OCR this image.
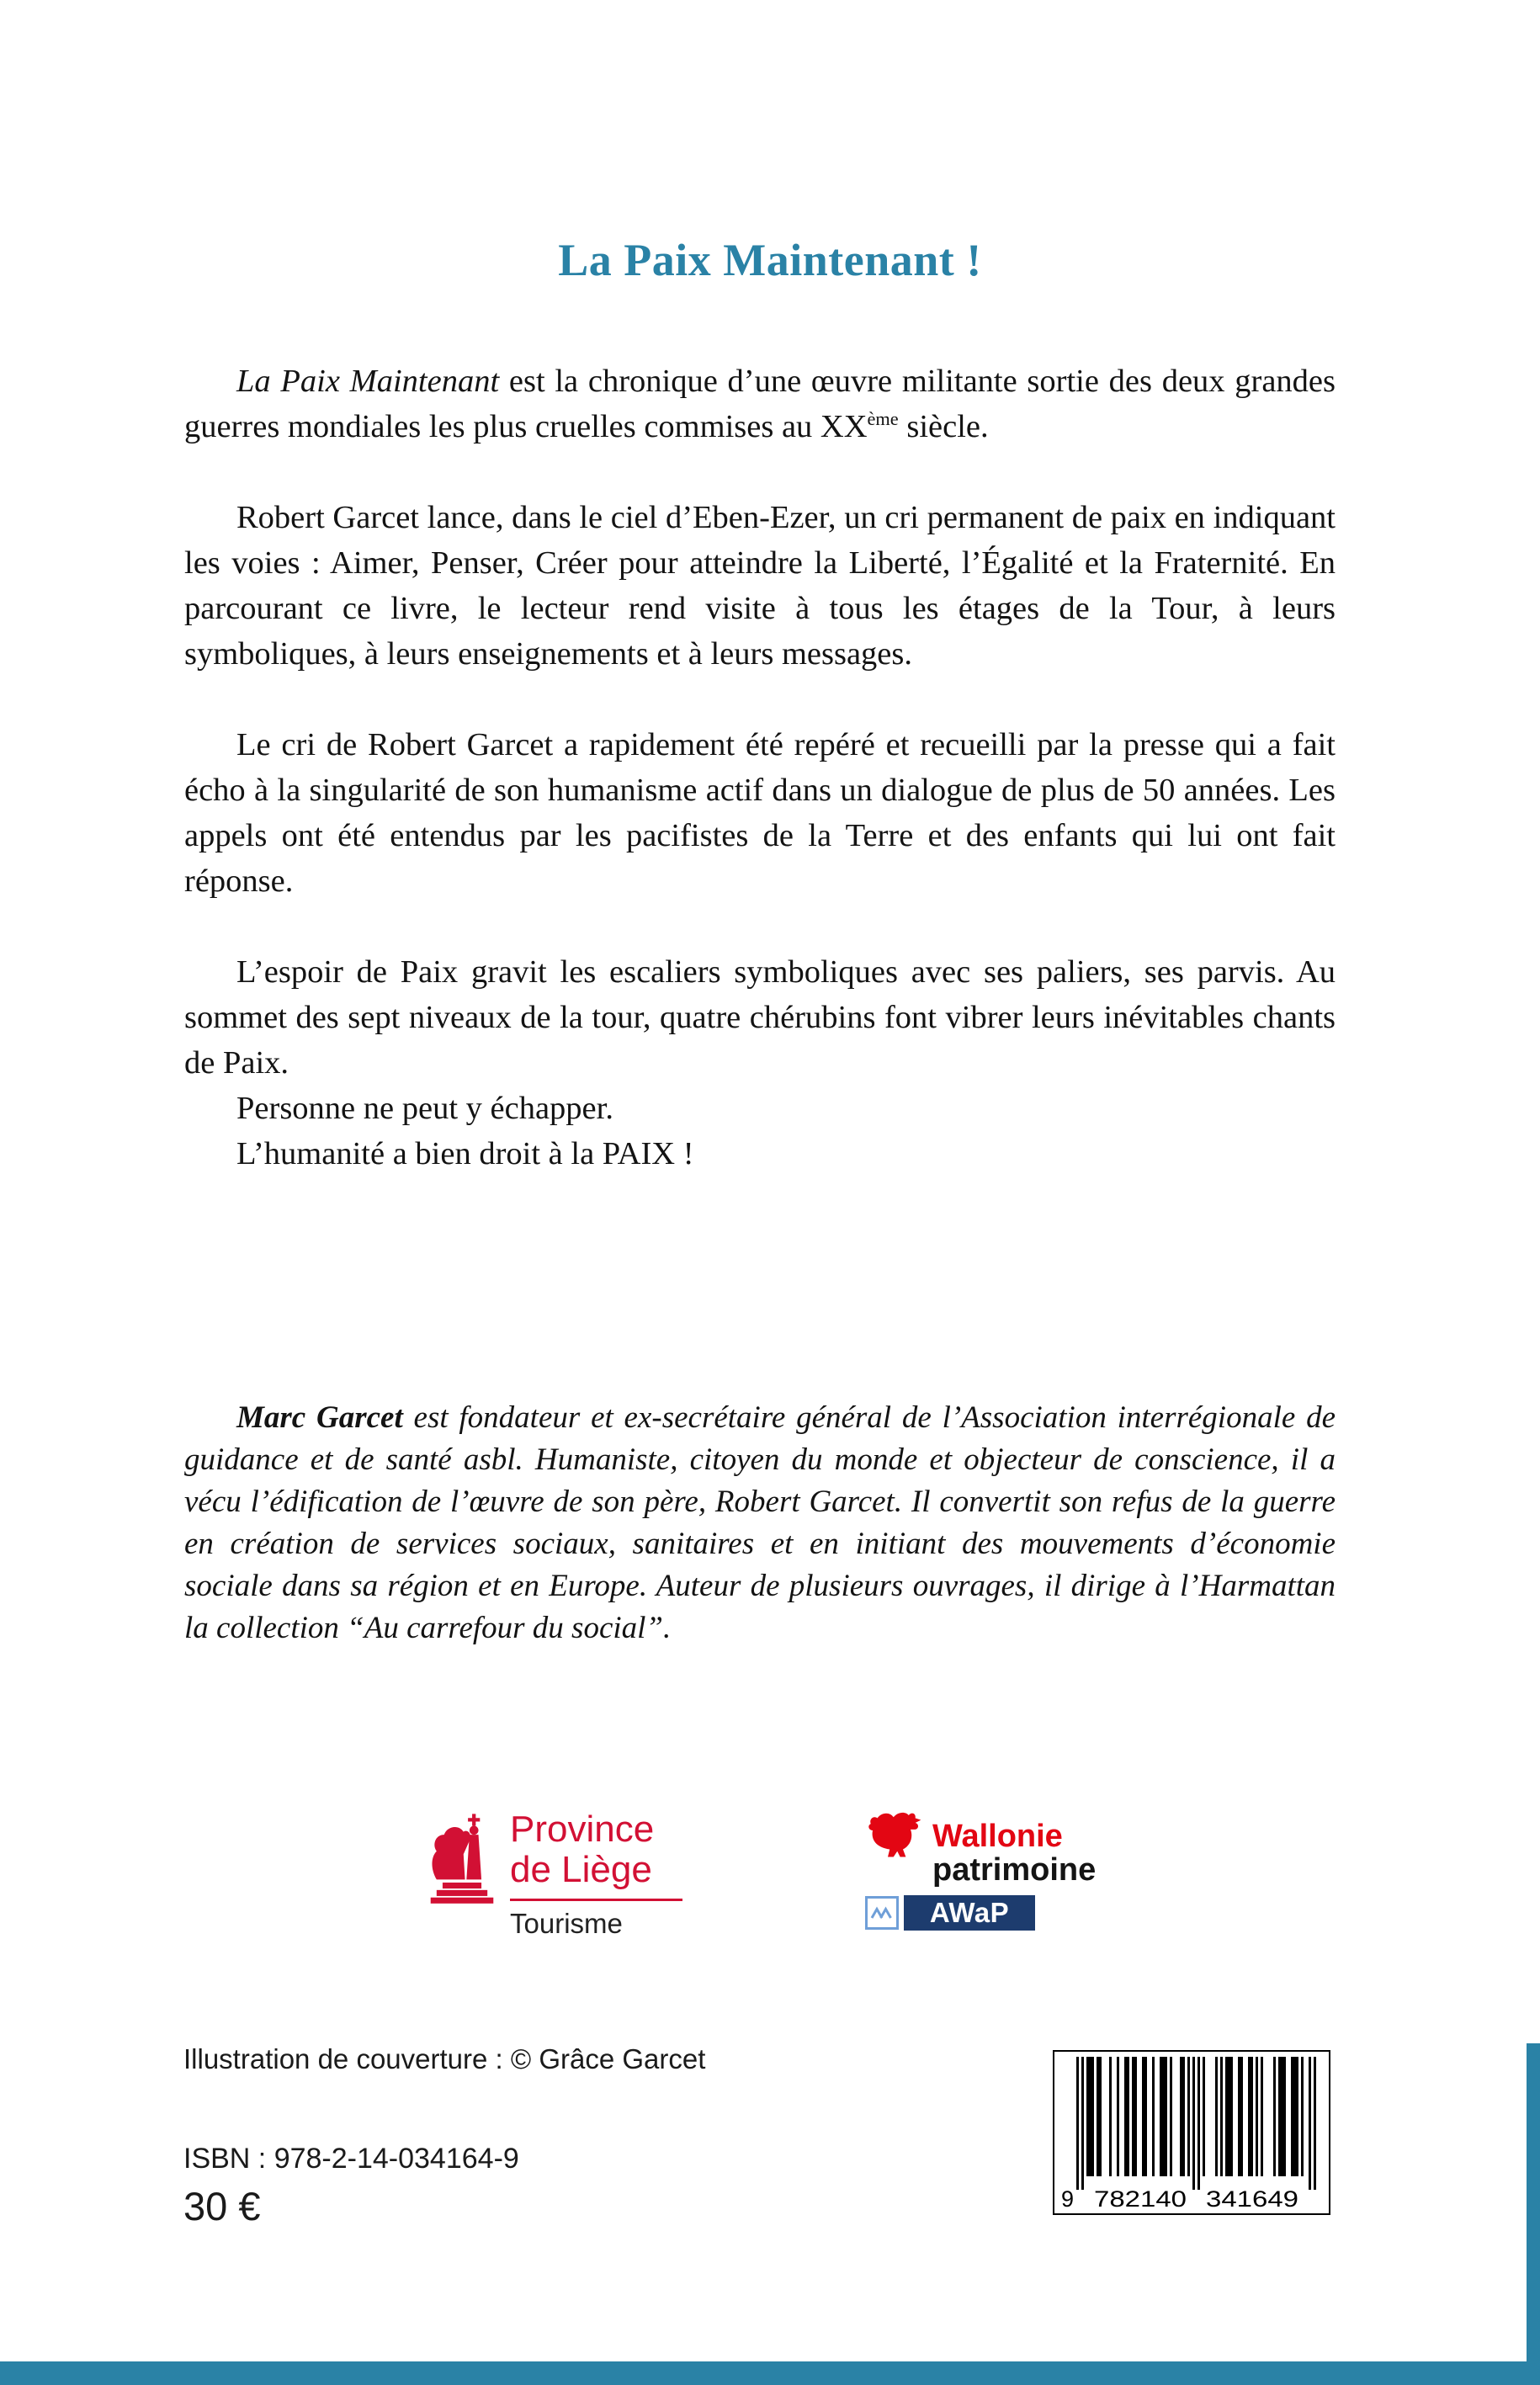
La Paix Maintenant !

La Paix Maintenant est la chronique d’une œuvre militante sortie des deux grandes guerres mondiales les plus cruelles commises au XXème siècle.

Robert Garcet lance, dans le ciel d’Eben-Ezer, un cri permanent de paix en indiquant les voies : Aimer, Penser, Créer pour atteindre la Liberté, l’Égalité et la Fraternité. En parcourant ce livre, le lecteur rend visite à tous les étages de la Tour, à leurs symboliques, à leurs enseignements et à leurs messages.

Le cri de Robert Garcet a rapidement été repéré et recueilli par la presse qui a fait écho à la singularité de son humanisme actif dans un dialogue de plus de 50 années. Les appels ont été entendus par les pacifistes de la Terre et des enfants qui lui ont fait réponse.

L’espoir de Paix gravit les escaliers symboliques avec ses paliers, ses parvis. Au sommet des sept niveaux de la tour, quatre chérubins font vibrer leurs inévitables chants de Paix.

Personne ne peut y échapper.

L’humanité a bien droit à la PAIX !

Marc Garcet est fondateur et ex-secrétaire général de l’Association interrégionale de guidance et de santé asbl. Humaniste, citoyen du monde et objecteur de conscience, il a vécu l’édification de l’œuvre de son père, Robert Garcet. Il convertit son refus de la guerre en création de services sociaux, sanitaires et en initiant des mouvements d’économie sociale dans sa région et en Europe. Auteur de plusieurs ouvrages, il dirige à l’Harmattan la collection “Au carrefour du social”.

Province
de Liège
Tourisme
Wallonie
patrimoine
AWaP
Illustration de couverture : © Grâce Garcet
ISBN : 978-2-14-034164-9
30 €	9 782140 341649
